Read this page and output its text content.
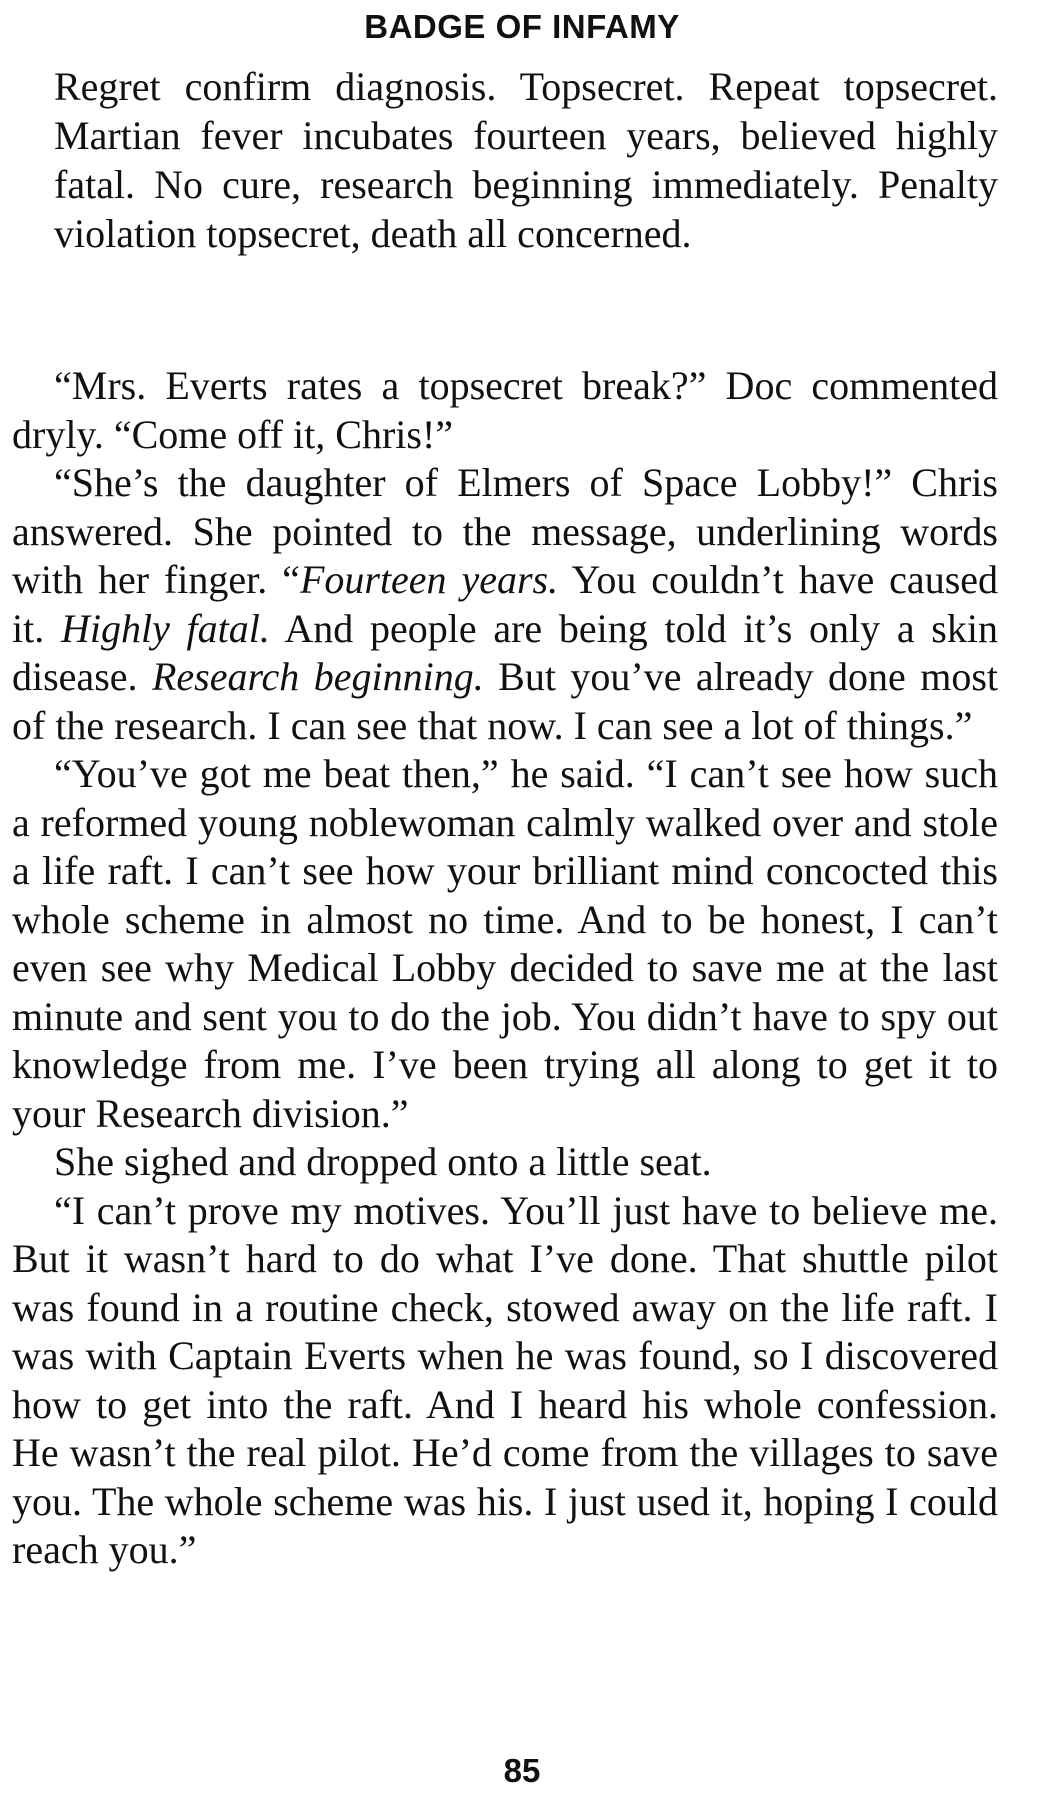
BADGE OF INFAMY

Regret confirm diagnosis. Topsecret. Repeat topsecret. Martian fever incubates fourteen years, believed highly fatal. No cure, research beginning immediately. Penalty violation topsecret, death all concerned.

“Mrs. Everts rates a topsecret break?” Doc commented dryly. “Come off it, Chris!”

“She’s the daughter of Elmers of Space Lobby!” Chris answered. She pointed to the message, underlining words with her finger. “Fourteen years. You couldn’t have caused it. Highly fatal. And people are being told it’s only a skin disease. Research beginning. But you’ve already done most of the research. I can see that now. I can see a lot of things.”

“You’ve got me beat then,” he said. “I can’t see how such a reformed young noblewoman calmly walked over and stole a life raft. I can’t see how your brilliant mind concocted this whole scheme in almost no time. And to be honest, I can’t even see why Medical Lobby decided to save me at the last minute and sent you to do the job. You didn’t have to spy out knowledge from me. I’ve been trying all along to get it to your Research division.”

She sighed and dropped onto a little seat.

“I can’t prove my motives. You’ll just have to believe me. But it wasn’t hard to do what I’ve done. That shuttle pilot was found in a routine check, stowed away on the life raft. I was with Captain Everts when he was found, so I discovered how to get into the raft. And I heard his whole confession. He wasn’t the real pilot. He’d come from the villages to save you. The whole scheme was his. I just used it, hoping I could reach you.”

85
